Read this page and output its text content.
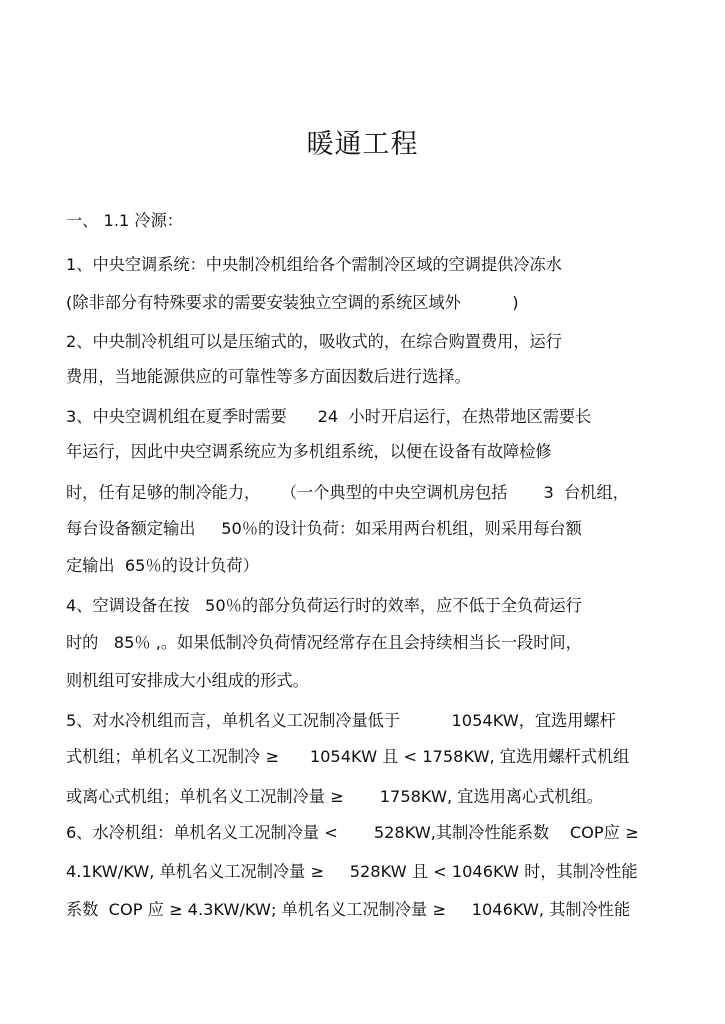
暖通工程
一、 1.1 冷源：
1、中央空调系统：中央制冷机组给各个需制冷区域的空调提供冷冻水
(除非部分有特殊要求的需要安装独立空调的系统区域外          )
2、中央制冷机组可以是压缩式的，吸收式的，在综合购置费用，运行
费用，当地能源供应的可靠性等多方面因数后进行选择。
3、中央空调机组在夏季时需要      24  小时开启运行，在热带地区需要长
年运行，因此中央空调系统应为多机组系统，以便在设备有故障检修
时，任有足够的制冷能力，    （一个典型的中央空调机房包括       3  台机组，
每台设备额定输出     50％的设计负荷：如采用两台机组，则采用每台额
定输出  65％的设计负荷）
4、空调设备在按   50％的部分负荷运行时的效率，应不低于全负荷运行
时的   85％ ,。如果低制冷负荷情况经常存在且会持续相当长一段时间，
则机组可安排成大小组成的形式。
5、对水冷机组而言，单机名义工况制冷量低于          1054KW，宜选用螺杆
式机组；单机名义工况制冷 ≥      1054KW 且 < 1758KW, 宜选用螺杆式机组
或离心式机组；单机名义工况制冷量 ≥       1758KW, 宜选用离心式机组。
6、水冷机组：单机名义工况制冷量 <       528KW,其制冷性能系数    COP应 ≥
4.1KW/KW, 单机名义工况制冷量 ≥     528KW 且 < 1046KW 时，其制冷性能
系数  COP 应 ≥ 4.3KW/KW; 单机名义工况制冷量 ≥     1046KW, 其制冷性能
